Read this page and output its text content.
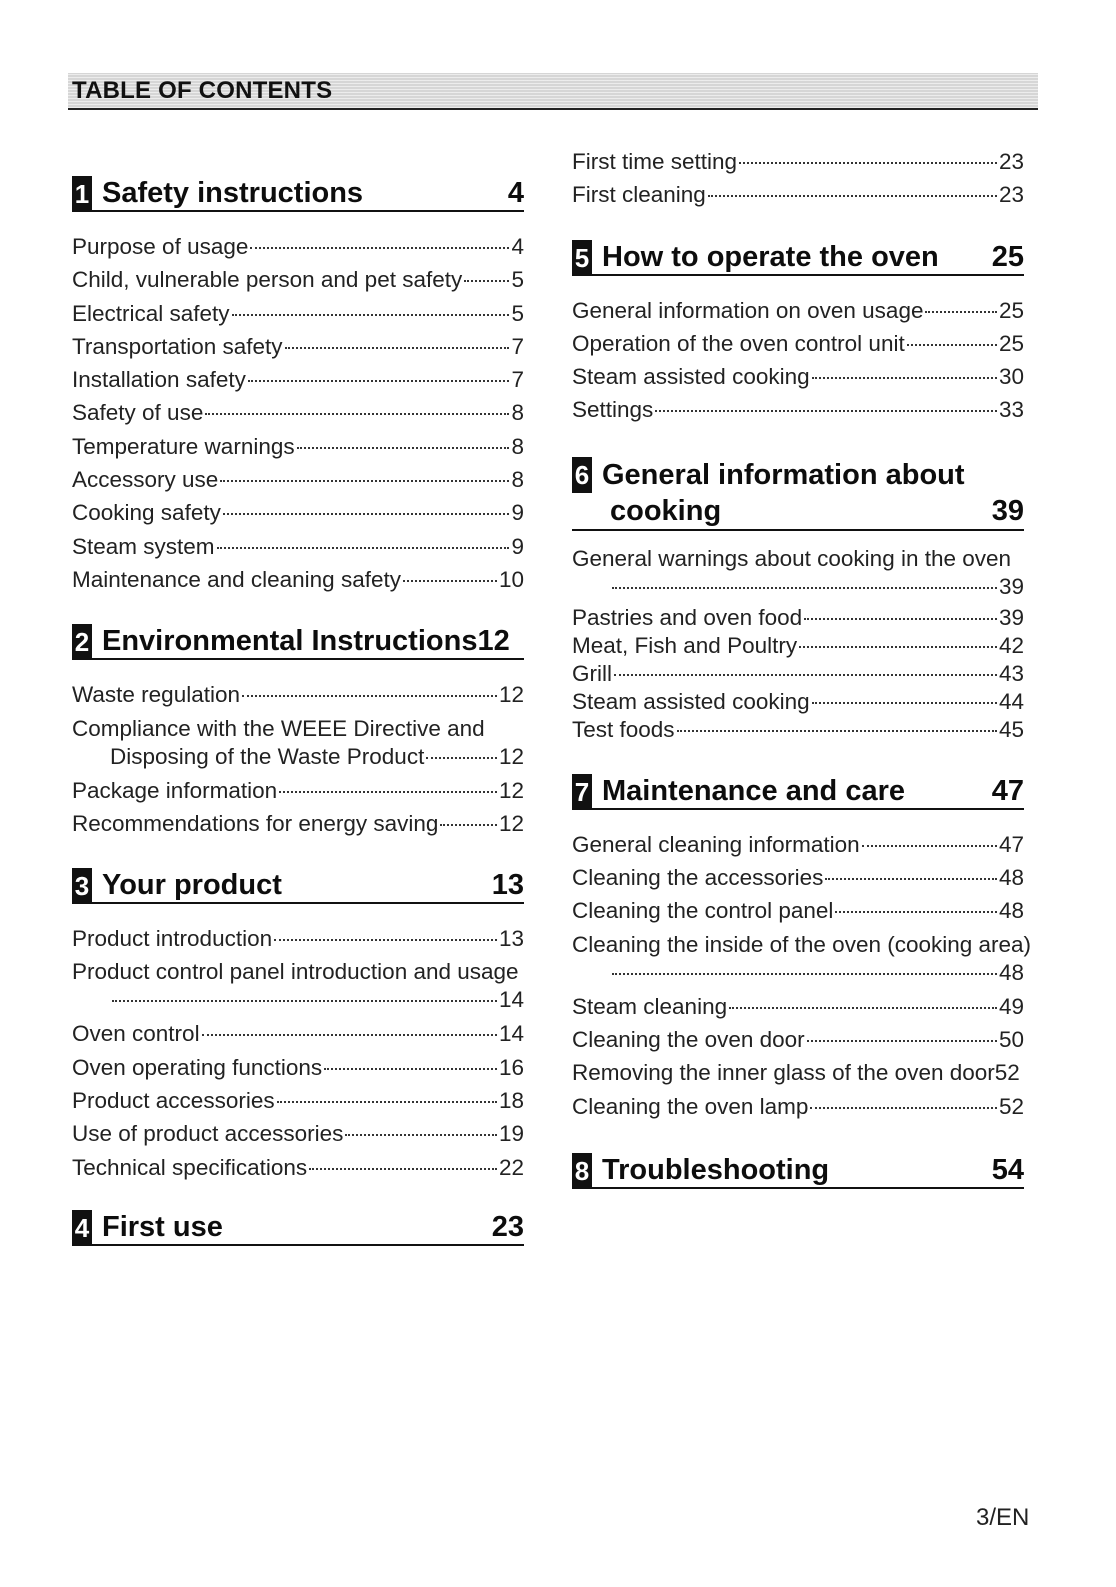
TABLE OF CONTENTS
1 Safety instructions	4
Purpose of usage	4
Child, vulnerable person and pet safety 5
Electrical safety	5
Transportation safety	7
Installation safety	7
Safety of use	8
Temperature warnings	8
Accessory use	8
Cooking safety	9
Steam system	9
Maintenance and cleaning safety	10
2 Environmental Instructions 12
Waste regulation	12
Compliance with the WEEE Directive and
Disposing of the Waste Product	12
Package information	12
Recommendations for energy saving	12
3 Your product	13
Product introduction	13
Product control panel introduction and usage
14
Oven control	14
Oven operating functions	16
Product accessories	18
Use of product accessories	19
Technical specifications	22
4 First use	23
First time setting	23
First cleaning	23
5 How to operate the oven	25
General information on oven usage	25
Operation of the oven control unit	25
Steam assisted cooking	30
Settings	33
6 General information about
cooking	39
General warnings about cooking in the oven
39
Pastries and oven food	39
Meat, Fish and Poultry	42
Grill	43
Steam assisted cooking	44
Test foods	45
7 Maintenance and care	47
General cleaning information	47
Cleaning the accessories	48
Cleaning the control panel	48
Cleaning the inside of the oven (cooking area)
48
Steam cleaning	49
Cleaning the oven door	50
Removing the inner glass of the oven door 52
Cleaning the oven lamp	52
8 Troubleshooting	54
3/EN
